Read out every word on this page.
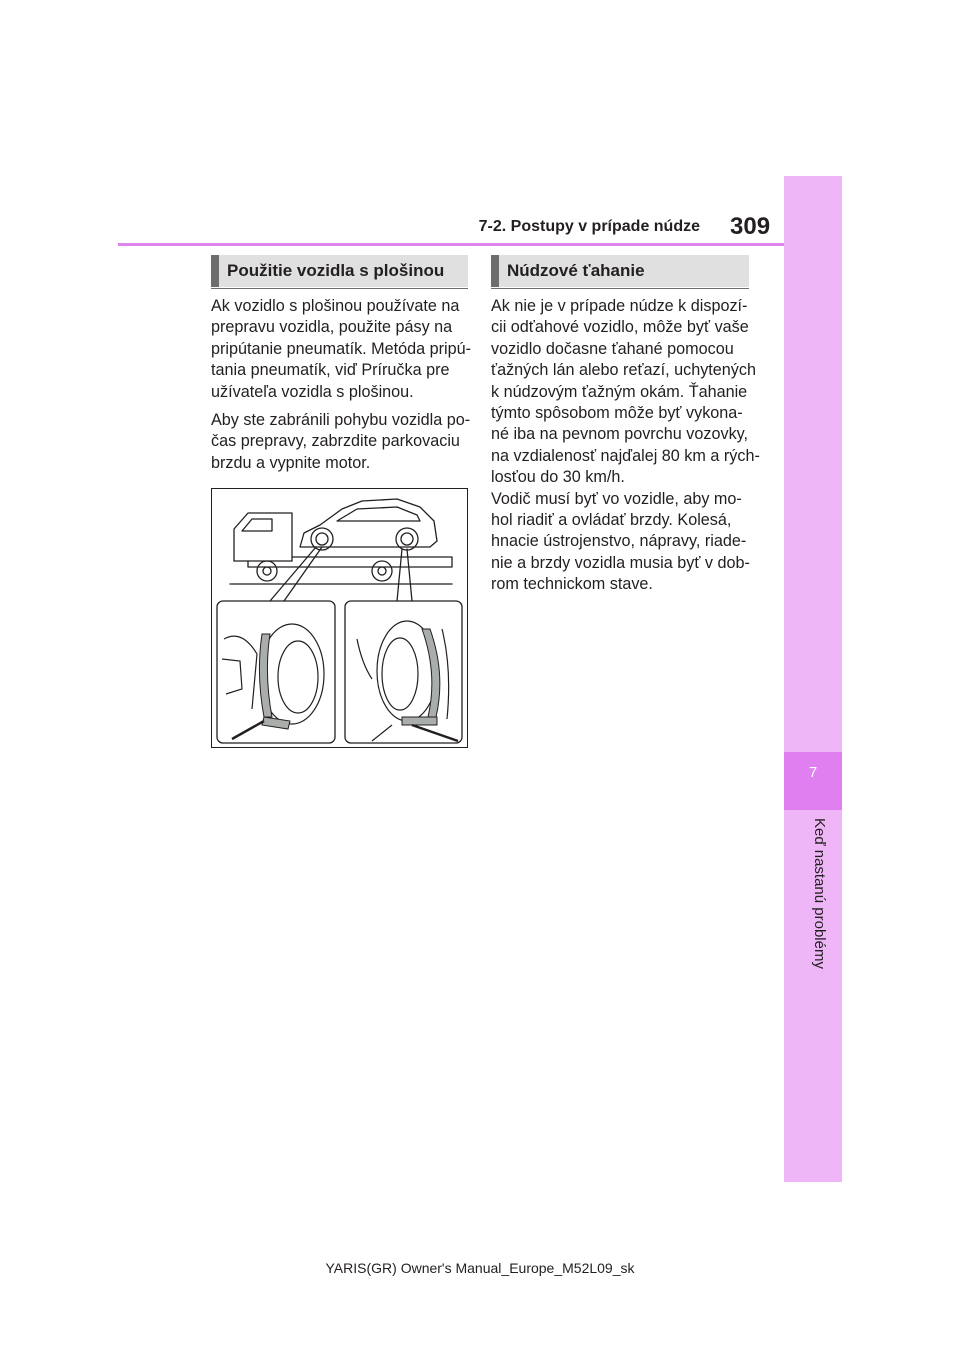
7
Keď nastanú problémy
7-2. Postupy v prípade núdze 309
Použitie vozidla s plošinou
Ak vozidlo s plošinou používate na
prepravu vozidla, použite pásy na
pripútanie pneumatík. Metóda pripú-
tania pneumatík, viď Príručka pre
užívateľa vozidla s plošinou.
Aby ste zabránili pohybu vozidla po-
čas prepravy, zabrzdite parkovaciu
brzdu a vypnite motor.
Núdzové ťahanie
Ak nie je v prípade núdze k dispozí-
cii odťahové vozidlo, môže byť vaše
vozidlo dočasne ťahané pomocou
ťažných lán alebo reťazí, uchytených
k núdzovým ťažným okám. Ťahanie
týmto spôsobom môže byť vykona-
né iba na pevnom povrchu vozovky,
na vzdialenosť najďalej 80 km a rých-
losťou do 30 km/h.
Vodič musí byť vo vozidle, aby mo-
hol riadiť a ovládať brzdy. Kolesá,
hnacie ústrojenstvo, nápravy, riade-
nie a brzdy vozidla musia byť v dob-
rom technickom stave.
YARIS(GR) Owner's Manual_Europe_M52L09_sk
